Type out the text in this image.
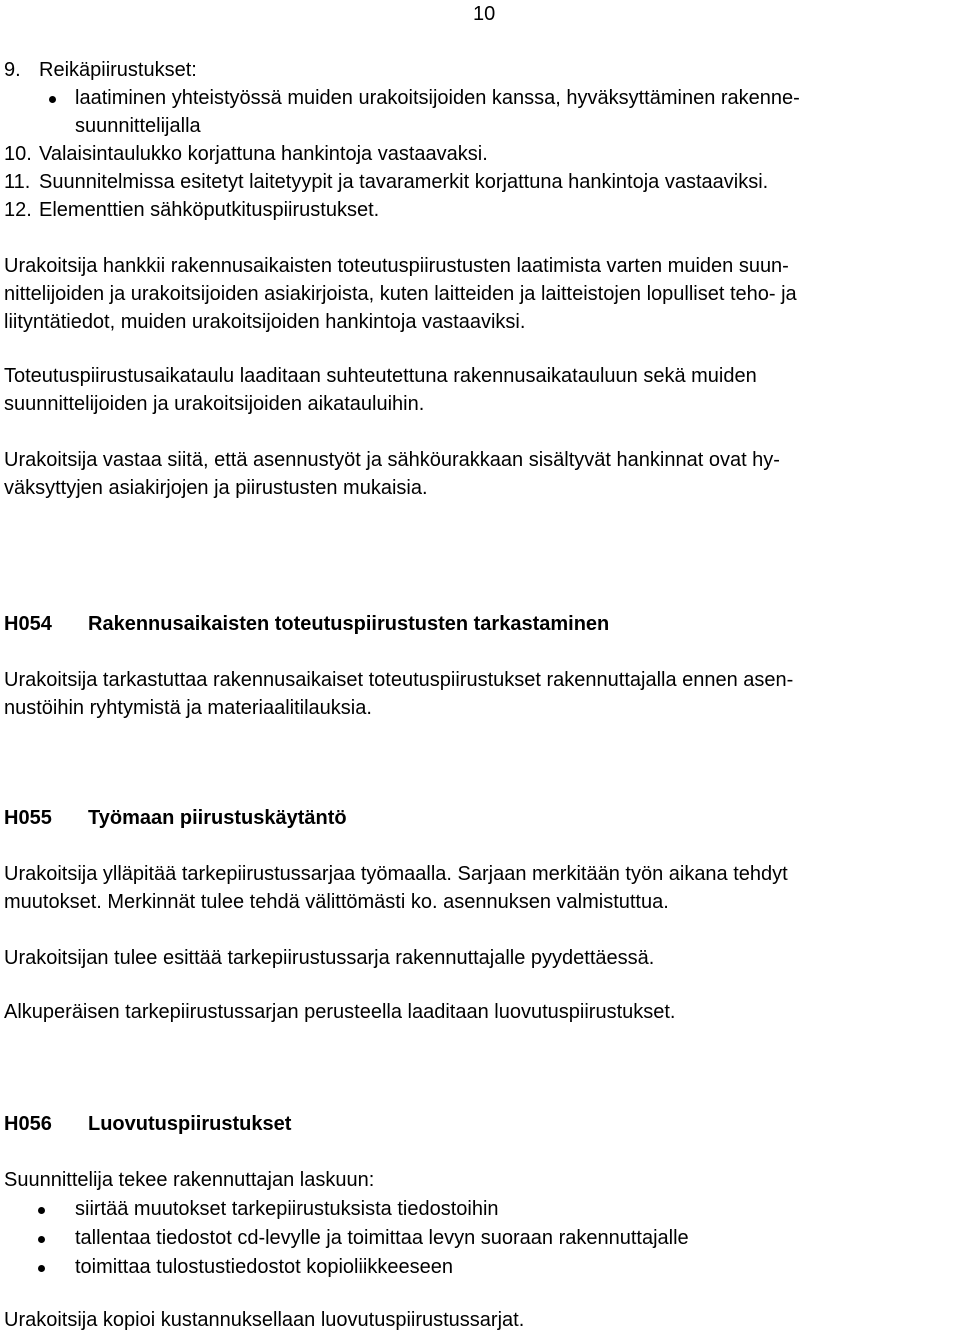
10
9. Reikäpiirustukset:
laatiminen yhteistyössä muiden urakoitsijoiden kanssa, hyväksyttäminen rakenne-
suunnittelijalla
10. Valaisintaulukko korjattuna hankintoja vastaavaksi.
11. Suunnitelmissa esitetyt laitetyypit ja tavaramerkit korjattuna hankintoja vastaaviksi.
12. Elementtien sähköputkituspiirustukset.
Urakoitsija hankkii rakennusaikaisten toteutuspiirustusten laatimista varten muiden suun-
nittelijoiden ja urakoitsijoiden asiakirjoista, kuten laitteiden ja laitteistojen lopulliset teho- ja
liityntätiedot, muiden urakoitsijoiden hankintoja vastaaviksi.
Toteutuspiirustusaikataulu laaditaan suhteutettuna rakennusaikatauluun sekä muiden
suunnittelijoiden ja urakoitsijoiden aikatauluihin.
Urakoitsija vastaa siitä, että asennustyöt ja sähköurakkaan sisältyvät hankinnat ovat hy-
väksyttyjen asiakirjojen ja piirustusten mukaisia.
H054 Rakennusaikaisten toteutuspiirustusten tarkastaminen
Urakoitsija tarkastuttaa rakennusaikaiset toteutuspiirustukset rakennuttajalla ennen asen-
nustöihin ryhtymistä ja materiaalitilauksia.
H055 Työmaan piirustuskäytäntö
Urakoitsija ylläpitää tarkepiirustussarjaa työmaalla. Sarjaan merkitään työn aikana tehdyt
muutokset. Merkinnät tulee tehdä välittömästi ko. asennuksen valmistuttua.
Urakoitsijan tulee esittää tarkepiirustussarja rakennuttajalle pyydettäessä.
Alkuperäisen tarkepiirustussarjan perusteella laaditaan luovutuspiirustukset.
H056 Luovutuspiirustukset
Suunnittelija tekee rakennuttajan laskuun:
siirtää muutokset tarkepiirustuksista tiedostoihin
tallentaa tiedostot cd-levylle ja toimittaa levyn suoraan rakennuttajalle
toimittaa tulostustiedostot kopioliikkeeseen
Urakoitsija kopioi kustannuksellaan luovutuspiirustussarjat.
